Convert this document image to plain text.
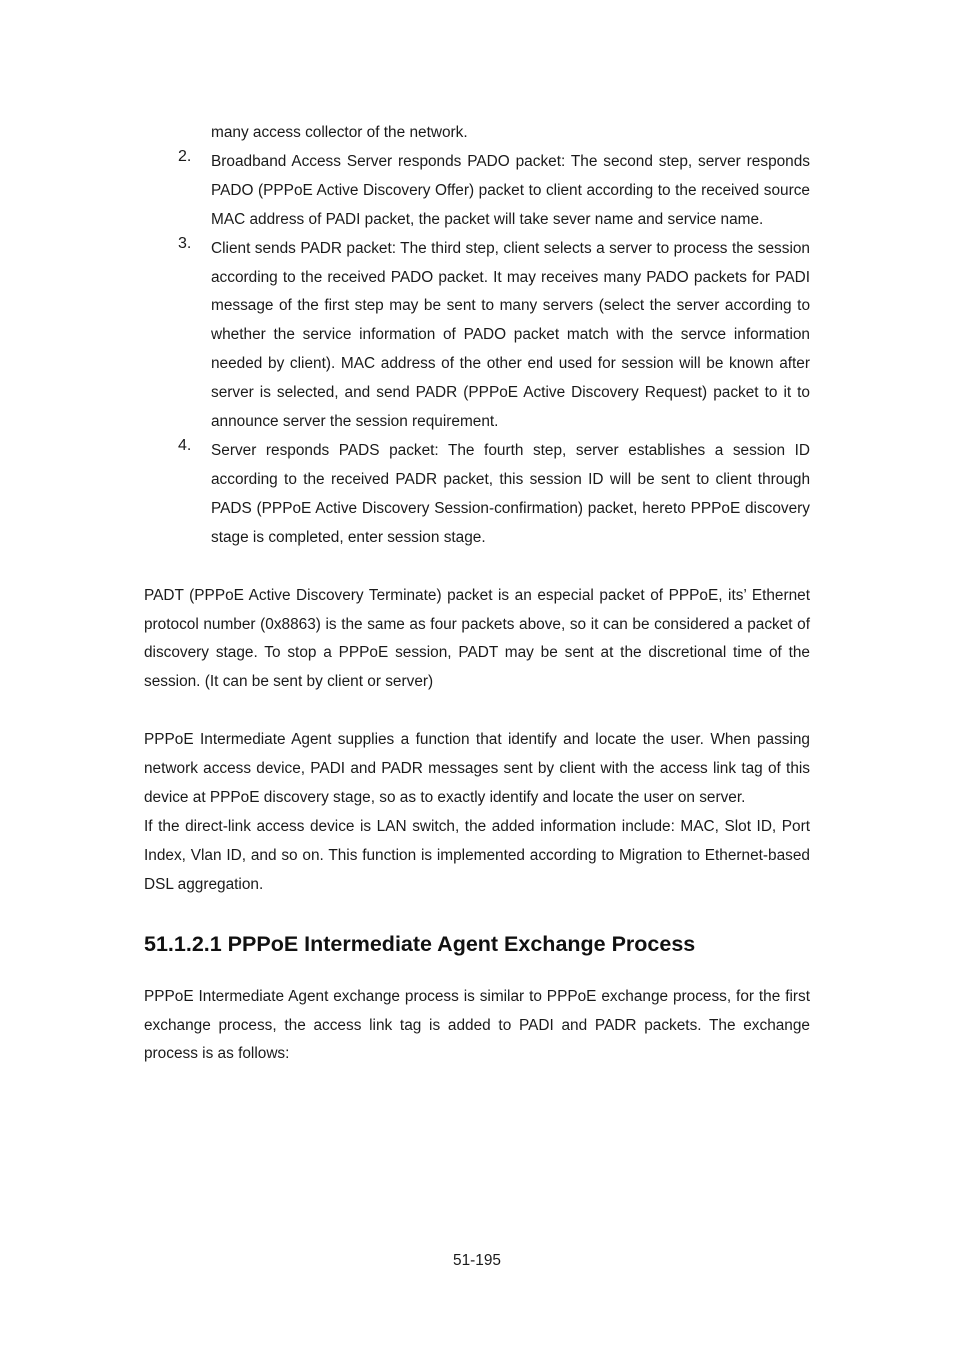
many access collector of the network.

2. Broadband Access Server responds PADO packet: The second step, server responds PADO (PPPoE Active Discovery Offer) packet to client according to the received source MAC address of PADI packet, the packet will take sever name and service name.

3. Client sends PADR packet: The third step, client selects a server to process the session according to the received PADO packet. It may receives many PADO packets for PADI message of the first step may be sent to many servers (select the server according to whether the service information of PADO packet match with the servce information needed by client). MAC address of the other end used for session will be known after server is selected, and send PADR (PPPoE Active Discovery Request) packet to it to announce server the session requirement.

4. Server responds PADS packet: The fourth step, server establishes a session ID according to the received PADR packet, this session ID will be sent to client through PADS (PPPoE Active Discovery Session-confirmation) packet, hereto PPPoE discovery stage is completed, enter session stage.

PADT (PPPoE Active Discovery Terminate) packet is an especial packet of PPPoE, its’ Ethernet protocol number (0x8863) is the same as four packets above, so it can be considered a packet of discovery stage. To stop a PPPoE session, PADT may be sent at the discretional time of the session. (It can be sent by client or server)

PPPoE Intermediate Agent supplies a function that identify and locate the user. When passing network access device, PADI and PADR messages sent by client with the access link tag of this device at PPPoE discovery stage, so as to exactly identify and locate the user on server.

If the direct-link access device is LAN switch, the added information include: MAC, Slot ID, Port Index, Vlan ID, and so on. This function is implemented according to Migration to Ethernet-based DSL aggregation.

51.1.2.1 PPPoE Intermediate Agent Exchange Process

PPPoE Intermediate Agent exchange process is similar to PPPoE exchange process, for the first exchange process, the access link tag is added to PADI and PADR packets. The exchange process is as follows:

51-195
